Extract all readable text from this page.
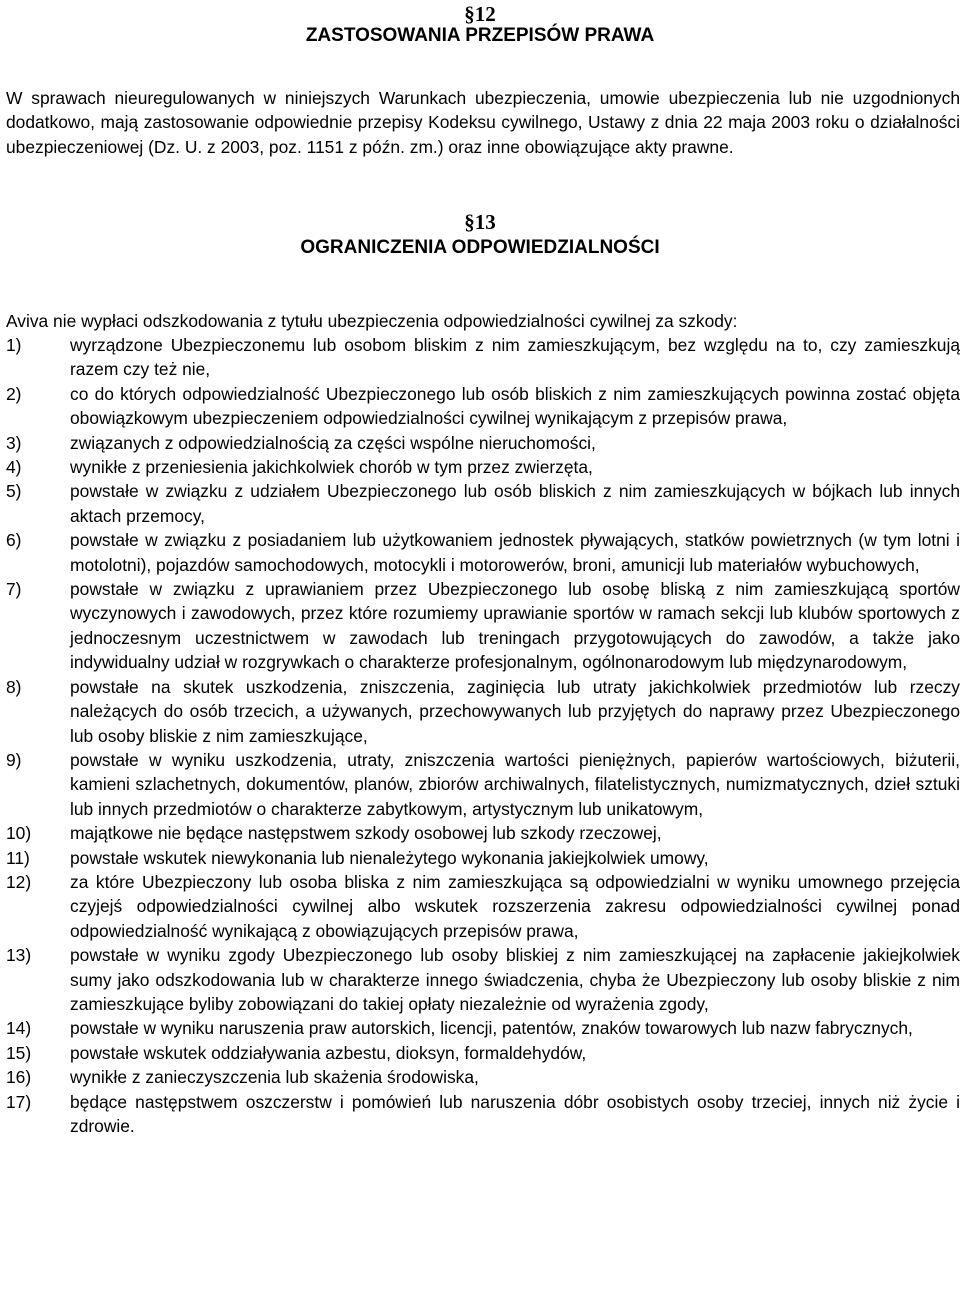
§12
ZASTOSOWANIA PRZEPISÓW PRAWA
W sprawach nieuregulowanych w niniejszych Warunkach ubezpieczenia, umowie ubezpieczenia lub nie uzgodnionych dodatkowo, mają zastosowanie odpowiednie przepisy Kodeksu cywilnego, Ustawy z dnia 22 maja 2003 roku o działalności ubezpieczeniowej (Dz. U. z 2003, poz. 1151 z późn. zm.) oraz inne obowiązujące akty prawne.
§13
OGRANICZENIA ODPOWIEDZIALNOŚCI
Aviva nie wypłaci odszkodowania z tytułu ubezpieczenia odpowiedzialności cywilnej za szkody:
1)	wyrządzone Ubezpieczonemu lub osobom bliskim z nim zamieszkującym, bez względu na to, czy zamieszkują razem czy też nie,
2)	co do których odpowiedzialność Ubezpieczonego lub osób bliskich z nim zamieszkujących powinna zostać objęta obowiązkowym ubezpieczeniem odpowiedzialności cywilnej wynikającym z przepisów prawa,
3)	związanych z odpowiedzialnością za części wspólne nieruchomości,
4)	wynikłe z przeniesienia jakichkolwiek chorób w tym przez zwierzęta,
5)	powstałe w związku z udziałem Ubezpieczonego lub osób bliskich z nim zamieszkujących w bójkach lub innych aktach przemocy,
6)	powstałe w związku z posiadaniem lub użytkowaniem jednostek pływających, statków powietrznych (w tym lotni i motolotni), pojazdów samochodowych, motocykli i motorowerów, broni, amunicji lub materiałów wybuchowych,
7)	powstałe w związku z uprawianiem przez Ubezpieczonego lub osobę bliską z nim zamieszkującą sportów wyczynowych i zawodowych, przez które rozumiemy uprawianie sportów w ramach sekcji lub klubów sportowych z jednoczesnym uczestnictwem w zawodach lub treningach przygotowujących do zawodów, a także jako indywidualny udział w rozgrywkach o charakterze profesjonalnym, ogólnonarodowym lub międzynarodowym,
8)	powstałe na skutek uszkodzenia, zniszczenia, zaginięcia lub utraty jakichkolwiek przedmiotów lub rzeczy należących do osób trzecich, a używanych, przechowywanych lub przyjętych do naprawy przez Ubezpieczonego lub osoby bliskie z nim zamieszkujące,
9)	powstałe w wyniku uszkodzenia, utraty, zniszczenia wartości pieniężnych, papierów wartościowych, biżuterii, kamieni szlachetnych, dokumentów, planów, zbiorów archiwalnych, filatelistycznych, numizmatycznych, dzieł sztuki lub innych przedmiotów o charakterze zabytkowym, artystycznym lub unikatowym,
10)	majątkowe nie będące następstwem szkody osobowej lub szkody rzeczowej,
11)	powstałe wskutek niewykonania lub nienależytego wykonania jakiejkolwiek umowy,
12)	za które Ubezpieczony lub osoba bliska z nim zamieszkująca są odpowiedzialni w wyniku umownego przejęcia czyjejś odpowiedzialności cywilnej albo wskutek rozszerzenia zakresu odpowiedzialności cywilnej ponad odpowiedzialność wynikającą z obowiązujących przepisów prawa,
13)	powstałe w wyniku zgody Ubezpieczonego lub osoby bliskiej z nim zamieszkującej na zapłacenie jakiejkolwiek sumy jako odszkodowania lub w charakterze innego świadczenia, chyba że Ubezpieczony lub osoby bliskie z nim zamieszkujące byliby zobowiązani do takiej opłaty niezależnie od wyrażenia zgody,
14)	powstałe w wyniku naruszenia praw autorskich, licencji, patentów, znaków towarowych lub nazw fabrycznych,
15)	powstałe wskutek oddziaływania azbestu, dioksyn, formaldehydów,
16)	wynikłe z zanieczyszczenia lub skażenia środowiska,
17)	będące następstwem oszczerstw i pomówień lub naruszenia dóbr osobistych osoby trzeciej, innych niż życie i zdrowie.
